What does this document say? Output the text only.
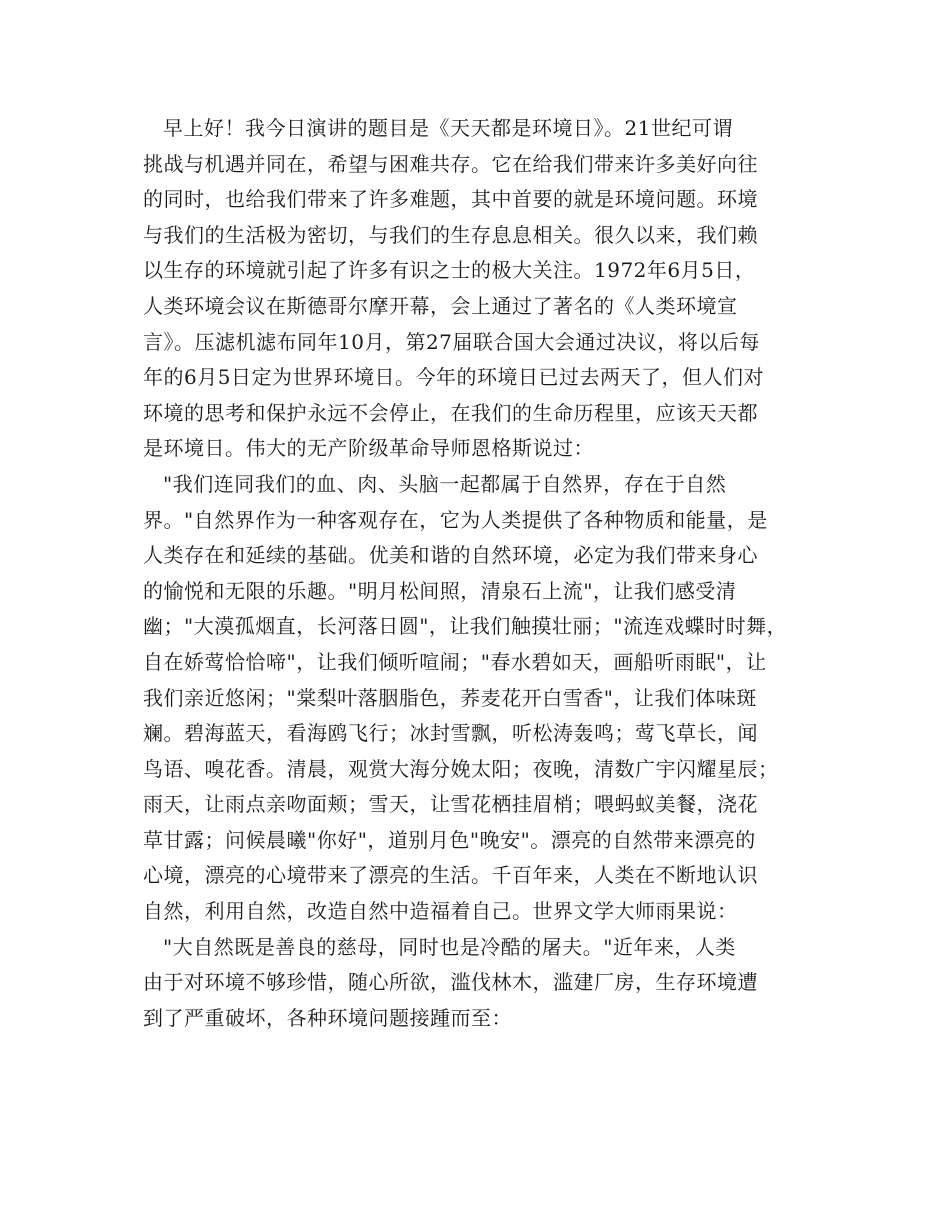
早上好！我今日演讲的题目是《天天都是环境日》。21世纪可谓
挑战与机遇并同在，希望与困难共存。它在给我们带来许多美好向往
的同时，也给我们带来了许多难题，其中首要的就是环境问题。环境
与我们的生活极为密切，与我们的生存息息相关。很久以来，我们赖
以生存的环境就引起了许多有识之士的极大关注。1972年6月5日，
人类环境会议在斯德哥尔摩开幕，会上通过了著名的《人类环境宣
言》。压滤机滤布同年10月，第27届联合国大会通过决议，将以后每
年的6月5日定为世界环境日。今年的环境日已过去两天了，但人们对
环境的思考和保护永远不会停止，在我们的生命历程里，应该天天都
是环境日。伟大的无产阶级革命导师恩格斯说过：
"我们连同我们的血、肉、头脑一起都属于自然界，存在于自然
界。"自然界作为一种客观存在，它为人类提供了各种物质和能量，是
人类存在和延续的基础。优美和谐的自然环境，必定为我们带来身心
的愉悦和无限的乐趣。"明月松间照，清泉石上流"，让我们感受清
幽；"大漠孤烟直，长河落日圆"，让我们触摸壮丽；"流连戏蝶时时舞，
自在娇莺恰恰啼"，让我们倾听喧闹；"春水碧如天，画船听雨眠"，让
我们亲近悠闲；"棠梨叶落胭脂色，荞麦花开白雪香"，让我们体味斑
斓。碧海蓝天，看海鸥飞行；冰封雪飘，听松涛轰鸣；莺飞草长，闻
鸟语、嗅花香。清晨，观赏大海分娩太阳；夜晚，清数广宇闪耀星辰；
雨天，让雨点亲吻面颊；雪天，让雪花栖挂眉梢；喂蚂蚁美餐，浇花
草甘露；问候晨曦"你好"，道别月色"晚安"。漂亮的自然带来漂亮的
心境，漂亮的心境带来了漂亮的生活。千百年来，人类在不断地认识
自然，利用自然，改造自然中造福着自己。世界文学大师雨果说：
"大自然既是善良的慈母，同时也是冷酷的屠夫。"近年来，人类
由于对环境不够珍惜，随心所欲，滥伐林木，滥建厂房，生存环境遭
到了严重破坏，各种环境问题接踵而至：
